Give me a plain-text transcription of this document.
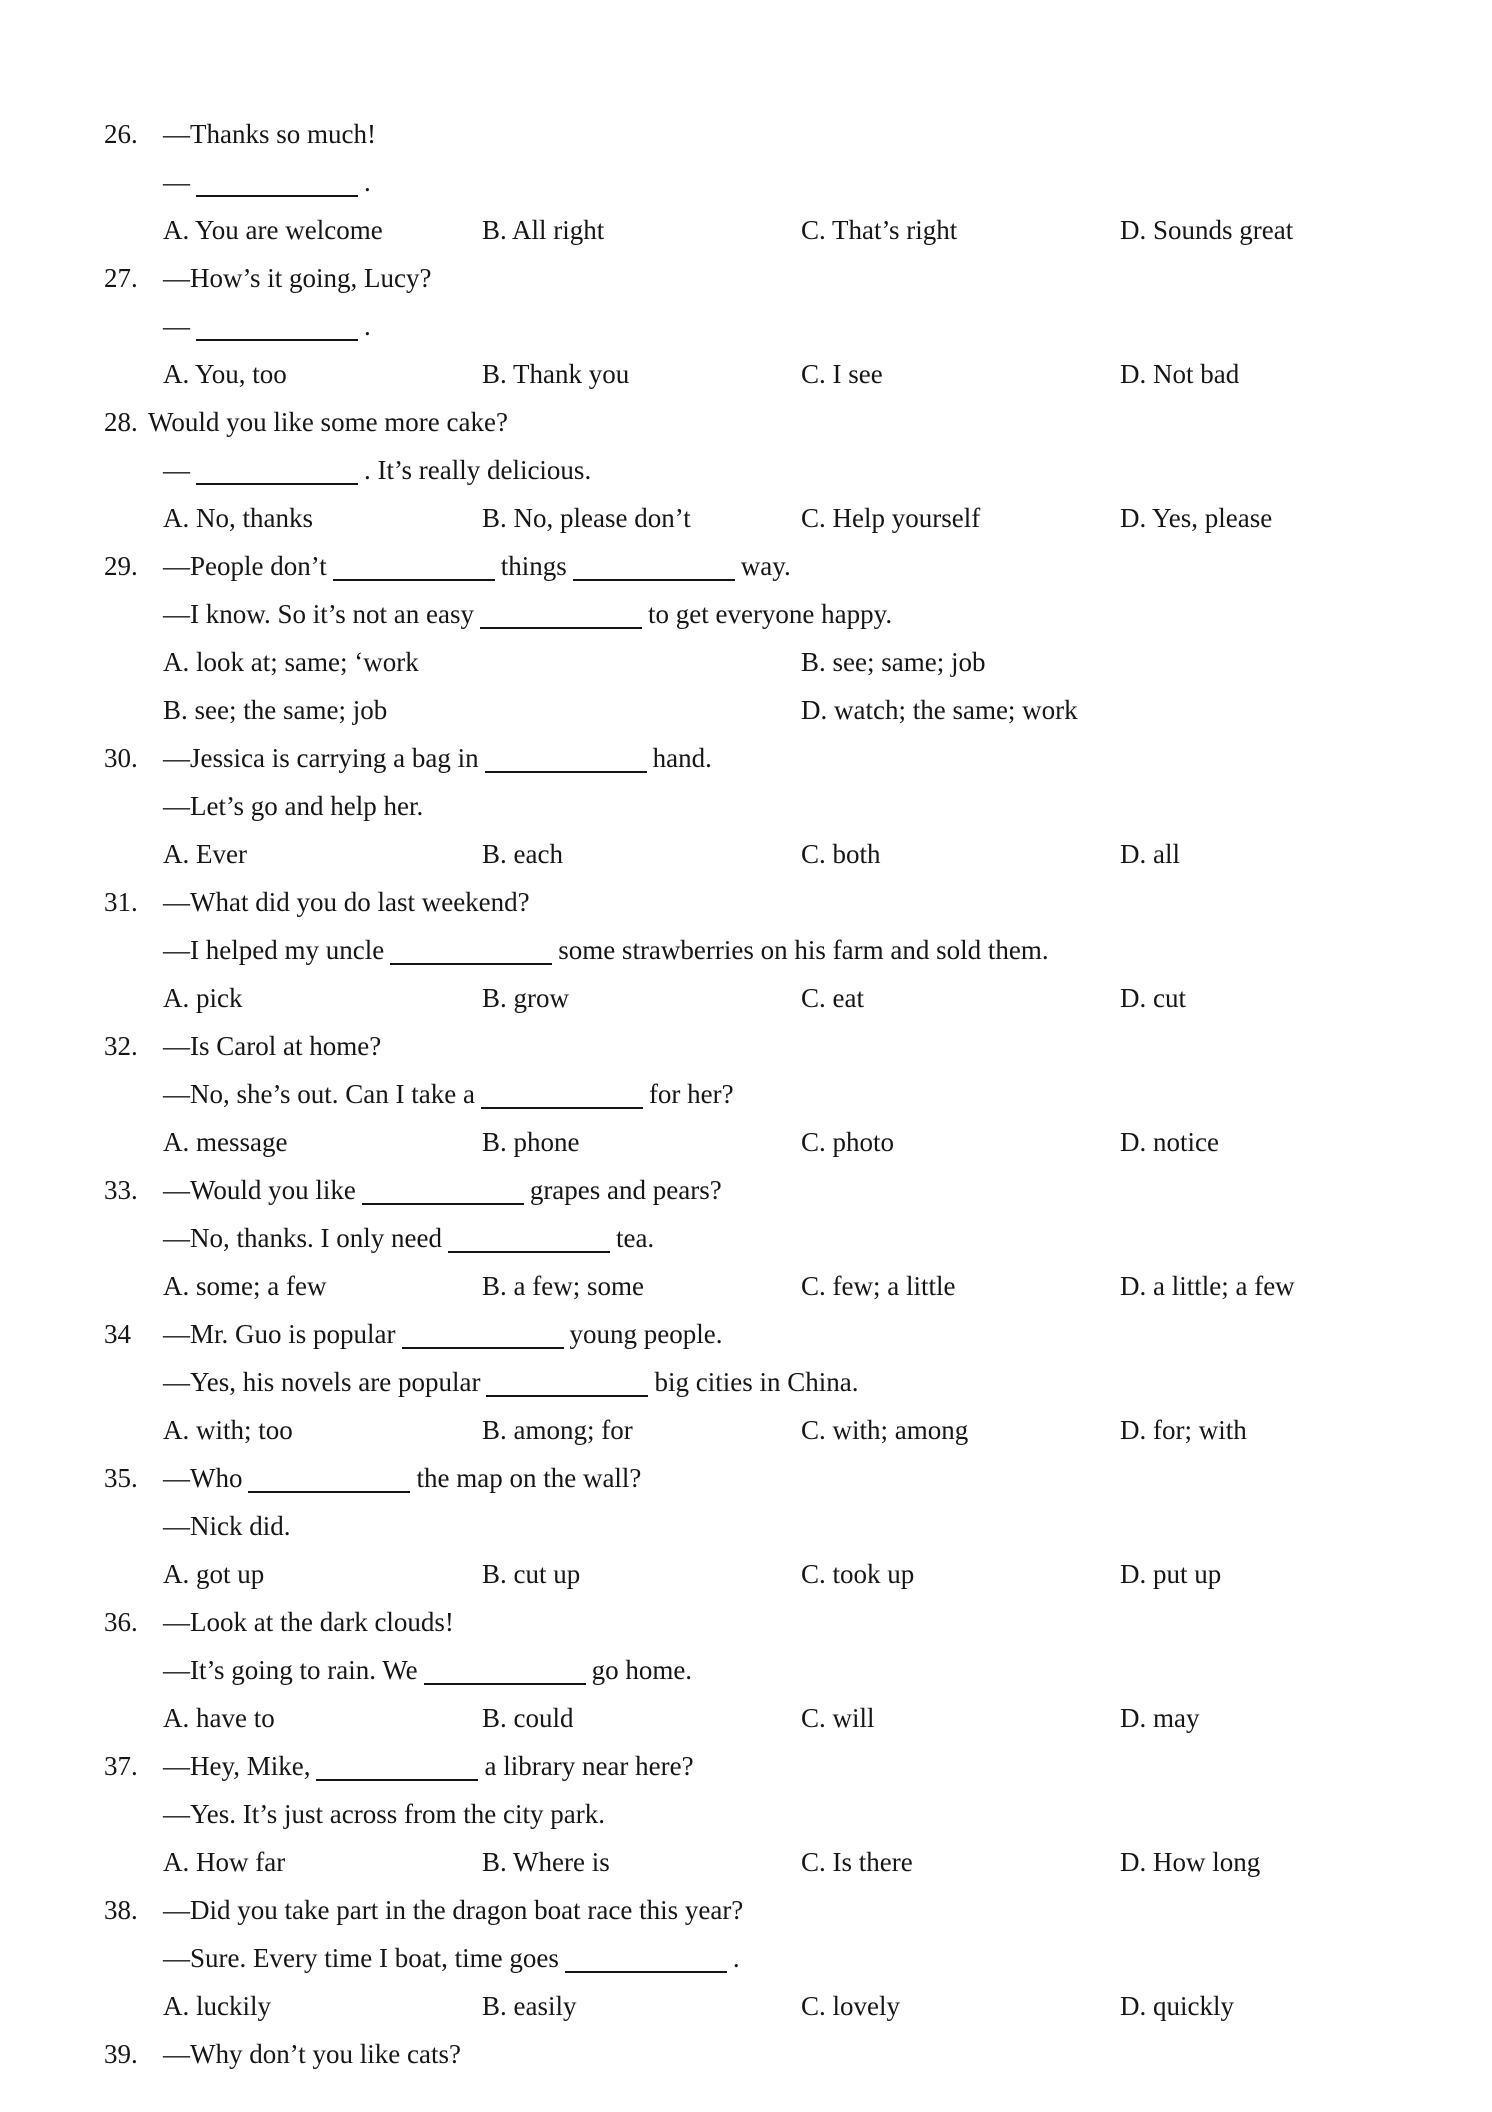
26. —Thanks so much!
—	.
A. You are welcome	B. All right	C. That’s right	D. Sounds great
27. —How’s it going, Lucy?
—	.
A. You, too	B. Thank you	C. I see	D. Not bad
28. Would you like some more cake?
—	. It’s really delicious.
A. No, thanks	B. No, please don’t	C. Help yourself	D. Yes, please
29. —People don’t	things	way.
—I know. So it’s not an easy	to get everyone happy.
A. look at; same; ‘work	B. see; same; job
B. see; the same; job	D. watch; the same; work
30. —Jessica is carrying a bag in	hand.
—Let’s go and help her.
A. Ever	B. each	C. both	D. all
31. —What did you do last weekend?
—I helped my uncle	some strawberries on his farm and sold them.
A. pick	B. grow	C. eat	D. cut
32. —Is Carol at home?
—No, she’s out. Can I take a	for her?
A. message	B. phone	C. photo	D. notice
33. —Would you like	grapes and pears?
—No, thanks. I only need	tea.
A. some; a few	B. a few; some	C. few; a little	D. a little; a few
34 —Mr. Guo is popular	young people.
—Yes, his novels are popular	big cities in China.
A. with; too	B. among; for	C. with; among	D. for; with
35. —Who	the map on the wall?
—Nick did.
A. got up	B. cut up	C. took up	D. put up
36. —Look at the dark clouds!
—It’s going to rain. We	go home.
A. have to	B. could	C. will	D. may
37. —Hey, Mike,	a library near here?
—Yes. It’s just across from the city park.
A. How far	B. Where is	C. Is there	D. How long
38. —Did you take part in the dragon boat race this year?
—Sure. Every time I boat, time goes	.
A. luckily	B. easily	C. lovely	D. quickly
39. —Why don’t you like cats?
